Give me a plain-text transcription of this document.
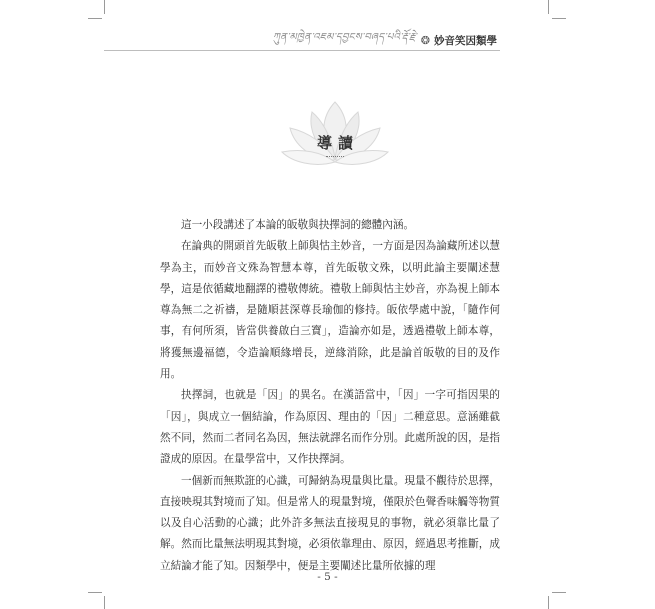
ཀུན་མཁྱེན་འཇམ་དབྱངས་བཞད་པའི་རྡོ་རྗེ་ ❂ 妙音笑因類學
導讀

這一小段講述了本論的皈敬與抉擇詞的總體內涵。

在論典的開頭首先皈敬上師與怙主妙音，一方面是因為論藏所述以慧學為主，而妙音文殊為智慧本尊，首先皈敬文殊，以明此論主要闡述慧學，這是依循藏地翻譯的禮敬傳統。禮敬上師與怙主妙音，亦為視上師本尊為無二之祈禱，是隨順甚深尊長瑜伽的修持。皈依學處中說，「隨作何事，有何所須，皆當供養啟白三寶」，造論亦如是，透過禮敬上師本尊，將獲無邊福德，令造論順緣增長，逆緣消除，此是論首皈敬的目的及作用。

抉擇詞，也就是「因」的異名。在漢語當中，「因」一字可指因果的「因」，與成立一個結論，作為原因、理由的「因」二種意思。意涵雖截然不同，然而二者同名為因，無法就譯名而作分別。此處所說的因，是指證成的原因。在量學當中，又作抉擇詞。

一個新而無欺誑的心識，可歸納為現量與比量。現量不觀待於思擇，直接映現其對境而了知。但是常人的現量對境，僅限於色聲香味觸等物質以及自心活動的心識；此外許多無法直接現見的事物，就必須靠比量了解。然而比量無法明現其對境，必須依靠理由、原因，經過思考推斷，成立結論才能了知。因類學中，便是主要闡述比量所依據的理

- 5 -
